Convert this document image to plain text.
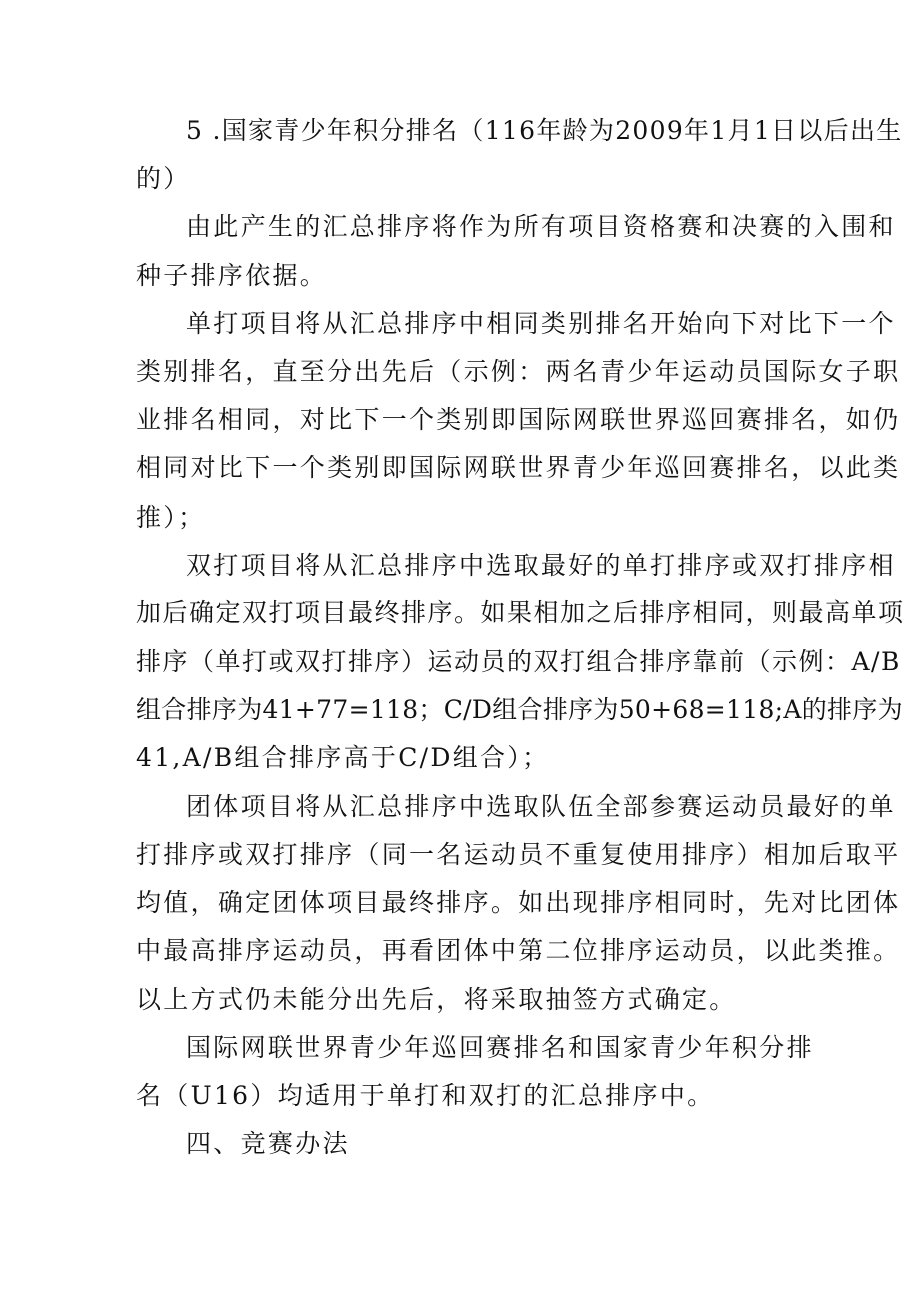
5 .国家青少年积分排名（116年龄为2009年1月1日以后出生
的）
由此产生的汇总排序将作为所有项目资格赛和决赛的入围和
种子排序依据。
单打项目将从汇总排序中相同类别排名开始向下对比下一个
类别排名，直至分出先后（示例：两名青少年运动员国际女子职
业排名相同，对比下一个类别即国际网联世界巡回赛排名，如仍
相同对比下一个类别即国际网联世界青少年巡回赛排名，以此类
推）；
双打项目将从汇总排序中选取最好的单打排序或双打排序相
加后确定双打项目最终排序。如果相加之后排序相同，则最高单项
排序（单打或双打排序）运动员的双打组合排序靠前（示例：A/B
组合排序为41+77=118；C/D组合排序为50+68=118;A的排序为
41,A/B组合排序高于C/D组合）；
团体项目将从汇总排序中选取队伍全部参赛运动员最好的单
打排序或双打排序（同一名运动员不重复使用排序）相加后取平
均值，确定团体项目最终排序。如出现排序相同时，先对比团体
中最高排序运动员，再看团体中第二位排序运动员，以此类推。
以上方式仍未能分出先后，将采取抽签方式确定。
国际网联世界青少年巡回赛排名和国家青少年积分排
名（U16）均适用于单打和双打的汇总排序中。
四、竞赛办法
